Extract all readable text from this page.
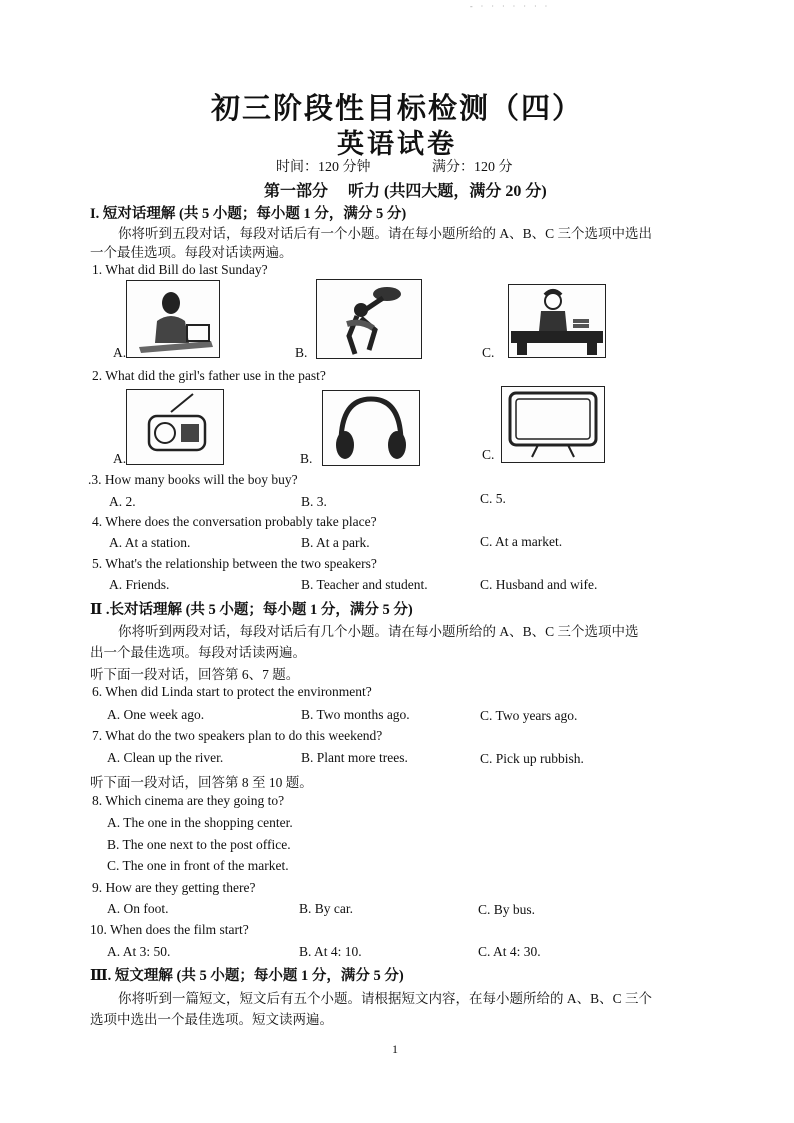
- · · · · · · ·
初三阶段性目标检测（四）
英语试卷
时间：120 分钟	满分：120 分
第一部分　 听力 (共四大题，满分 20 分)
I. 短对话理解 (共 5 小题；每小题 1 分，满分 5 分)
你将听到五段对话，每段对话后有一个小题。请在每小题所给的 A、B、C 三个选项中选出
一个最佳选项。每段对话读两遍。
1. What did Bill do last Sunday?
A.	B.	C.
2. What did the girl's father use in the past?
A.	B.	C.
.3. How many books will the boy buy?
A. 2.	B. 3.	C. 5.
4. Where does the conversation probably take place?
A. At a station.	B. At a park.	C. At a market.
5. What's the relationship between the two speakers?
A. Friends.	B. Teacher and student.	C. Husband and wife.
Ⅱ .长对话理解 (共 5 小题；每小题 1 分，满分 5 分)
你将听到两段对话，每段对话后有几个小题。请在每小题所给的 A、B、C 三个选项中选
出一个最佳选项。每段对话读两遍。
听下面一段对话，回答第 6、7 题。
6. When did Linda start to protect the environment?
A. One week ago.	B. Two months ago.	C. Two years ago.
7. What do the two speakers plan to do this weekend?
A. Clean up the river.	B. Plant more trees.	C. Pick up rubbish.
听下面一段对话，回答第 8 至 10 题。
8. Which cinema are they going to?
A. The one in the shopping center.
B. The one next to the post office.
C. The one in front of the market.
9. How are they getting there?
A. On foot.	B. By car.	C. By bus.
10. When does the film start?
A. At 3: 50.	B. At 4: 10.	C. At 4: 30.
Ⅲ. 短文理解 (共 5 小题；每小题 1 分，满分 5 分)
你将听到一篇短文，短文后有五个小题。请根据短文内容，在每小题所给的 A、B、C 三个
选项中选出一个最佳选项。短文读两遍。
1
